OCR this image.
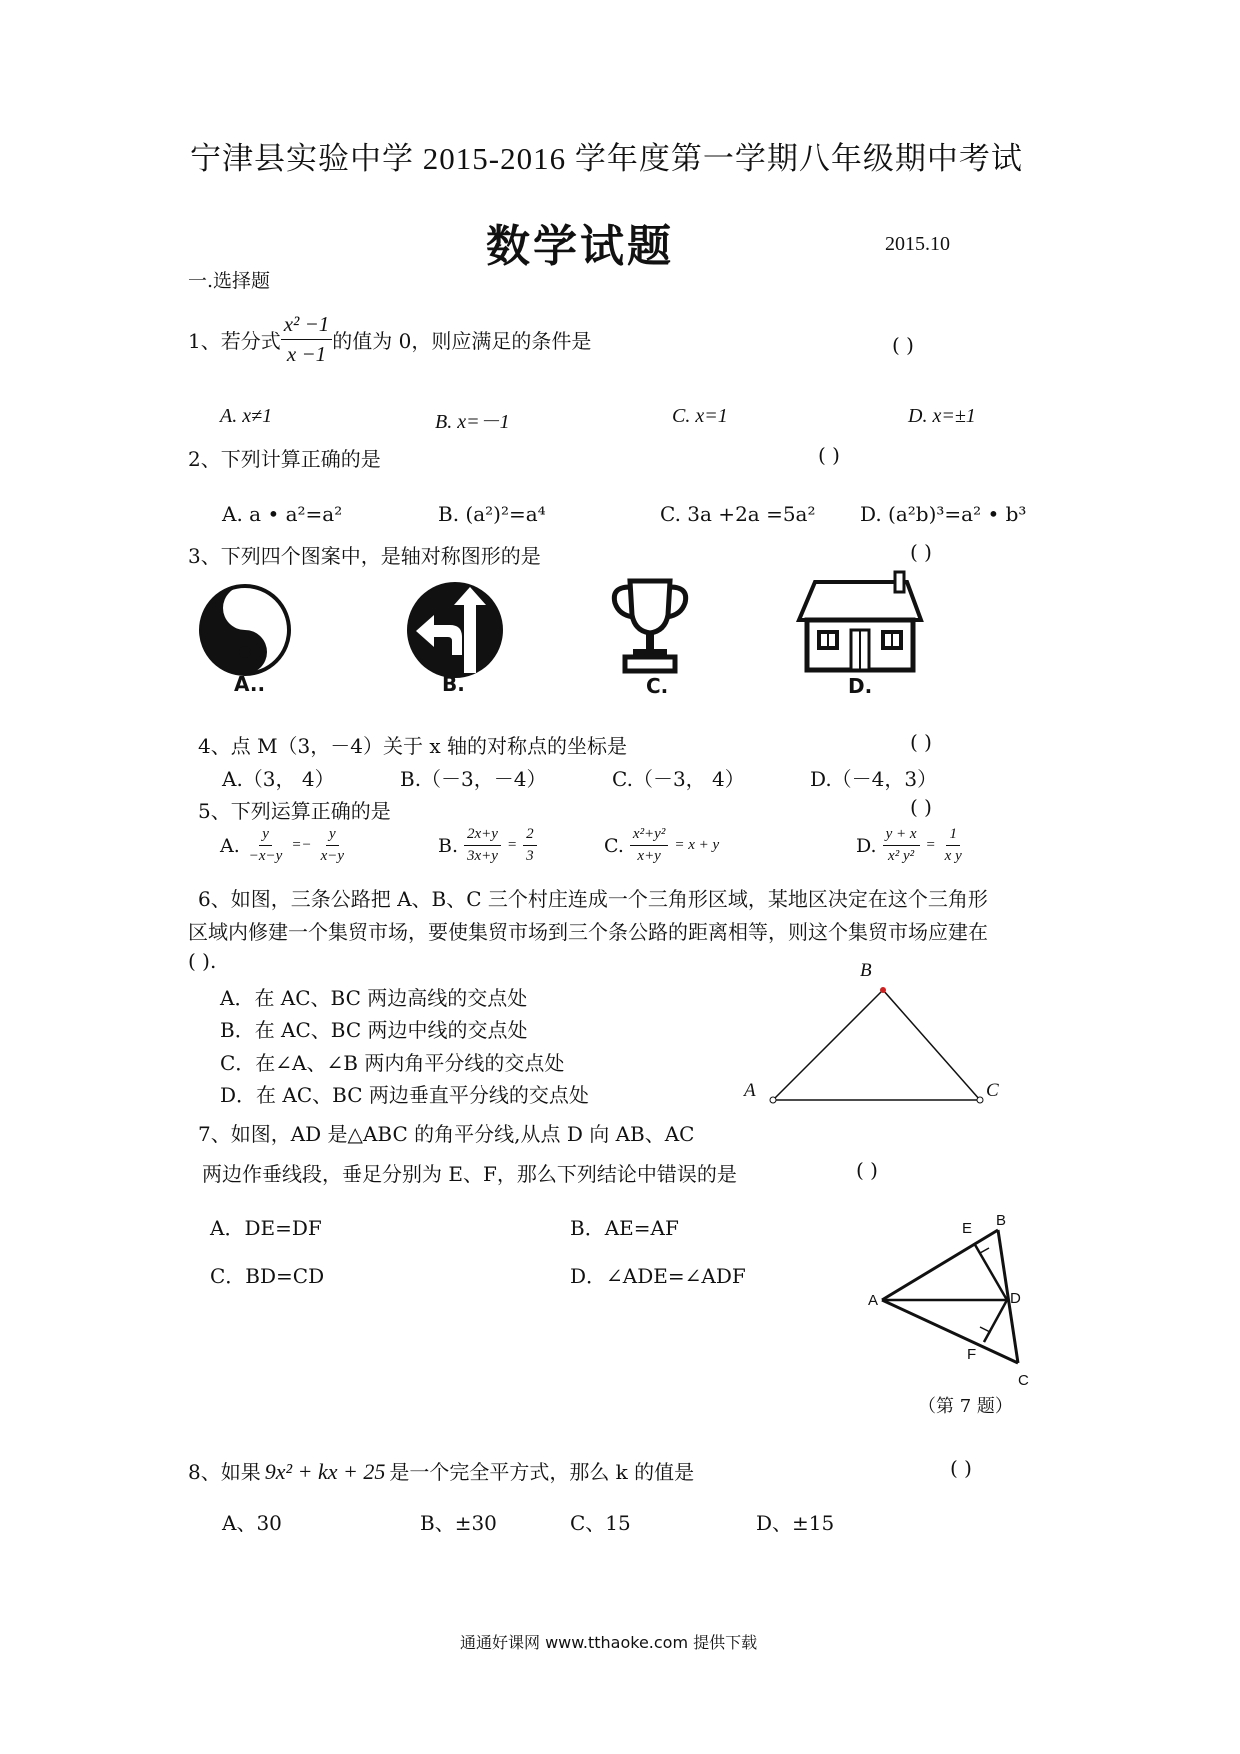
宁津县实验中学 2015-2016 学年度第一学期八年级期中考试
数学试题	2015.10
一.选择题
1、若分式 $\frac{\text{x² −1}}{x -1}$ 的值为 0，则应满足的条件是	( )
A. x≠1	B. x=－1	C. x=1	D. x=±1
2、下列计算正确的是	( )
A. a • a²=a²	B. (a²)²=a⁴	C. 3a +2a =5a² D. (a²b)³=a² • b³
3、下列四个图案中，是轴对称图形的是	( )
A..	B.	C.	D.
4、点 M（3，－4）关于 x 轴的对称点的坐标是	( )
A.（3， 4）	B.（－3，－4）	C.（－3， 4）	D.（－4，3）
5、下列运算正确的是	( )
A. $\frac{y}{-x-y} =- \frac{y}{x-y}$	B. $\frac{2x+y}{3x+y} = \frac{2}{3}$	C. $\frac{\text{x²+y²}}{x+y} = x + y$	D. $\frac{y + x}{\text{x² y²}} = \frac{1}{\text{x y}}$
6、如图，三条公路把 A、B、C 三个村庄连成一个三角形区域，某地区决定在这个三角形
区域内修建一个集贸市场，要使集贸市场到三个条公路的距离相等，则这个集贸市场应建在
( ).
A．在 AC、BC 两边高线的交点处
B．在 AC、BC 两边中线的交点处
C．在∠A、∠B 两内角平分线的交点处
D．在 AC、BC 两边垂直平分线的交点处
B
A	C
7、如图，AD 是△ABC 的角平分线,从点 D 向 AB、AC
两边作垂线段，垂足分别为 E、F，那么下列结论中错误的是	( )
A．DE=DF	B．AE=AF
C．BD=CD	D．∠ADE=∠ADF
E B
A	D
F
C
（第 7 题）
8、如果 9x² + kx + 25 是一个完全平方式，那么 k 的值是	( )
A、30	B、±30	C、15	D、±15
通通好课网 www.tthaoke.com 提供下载
